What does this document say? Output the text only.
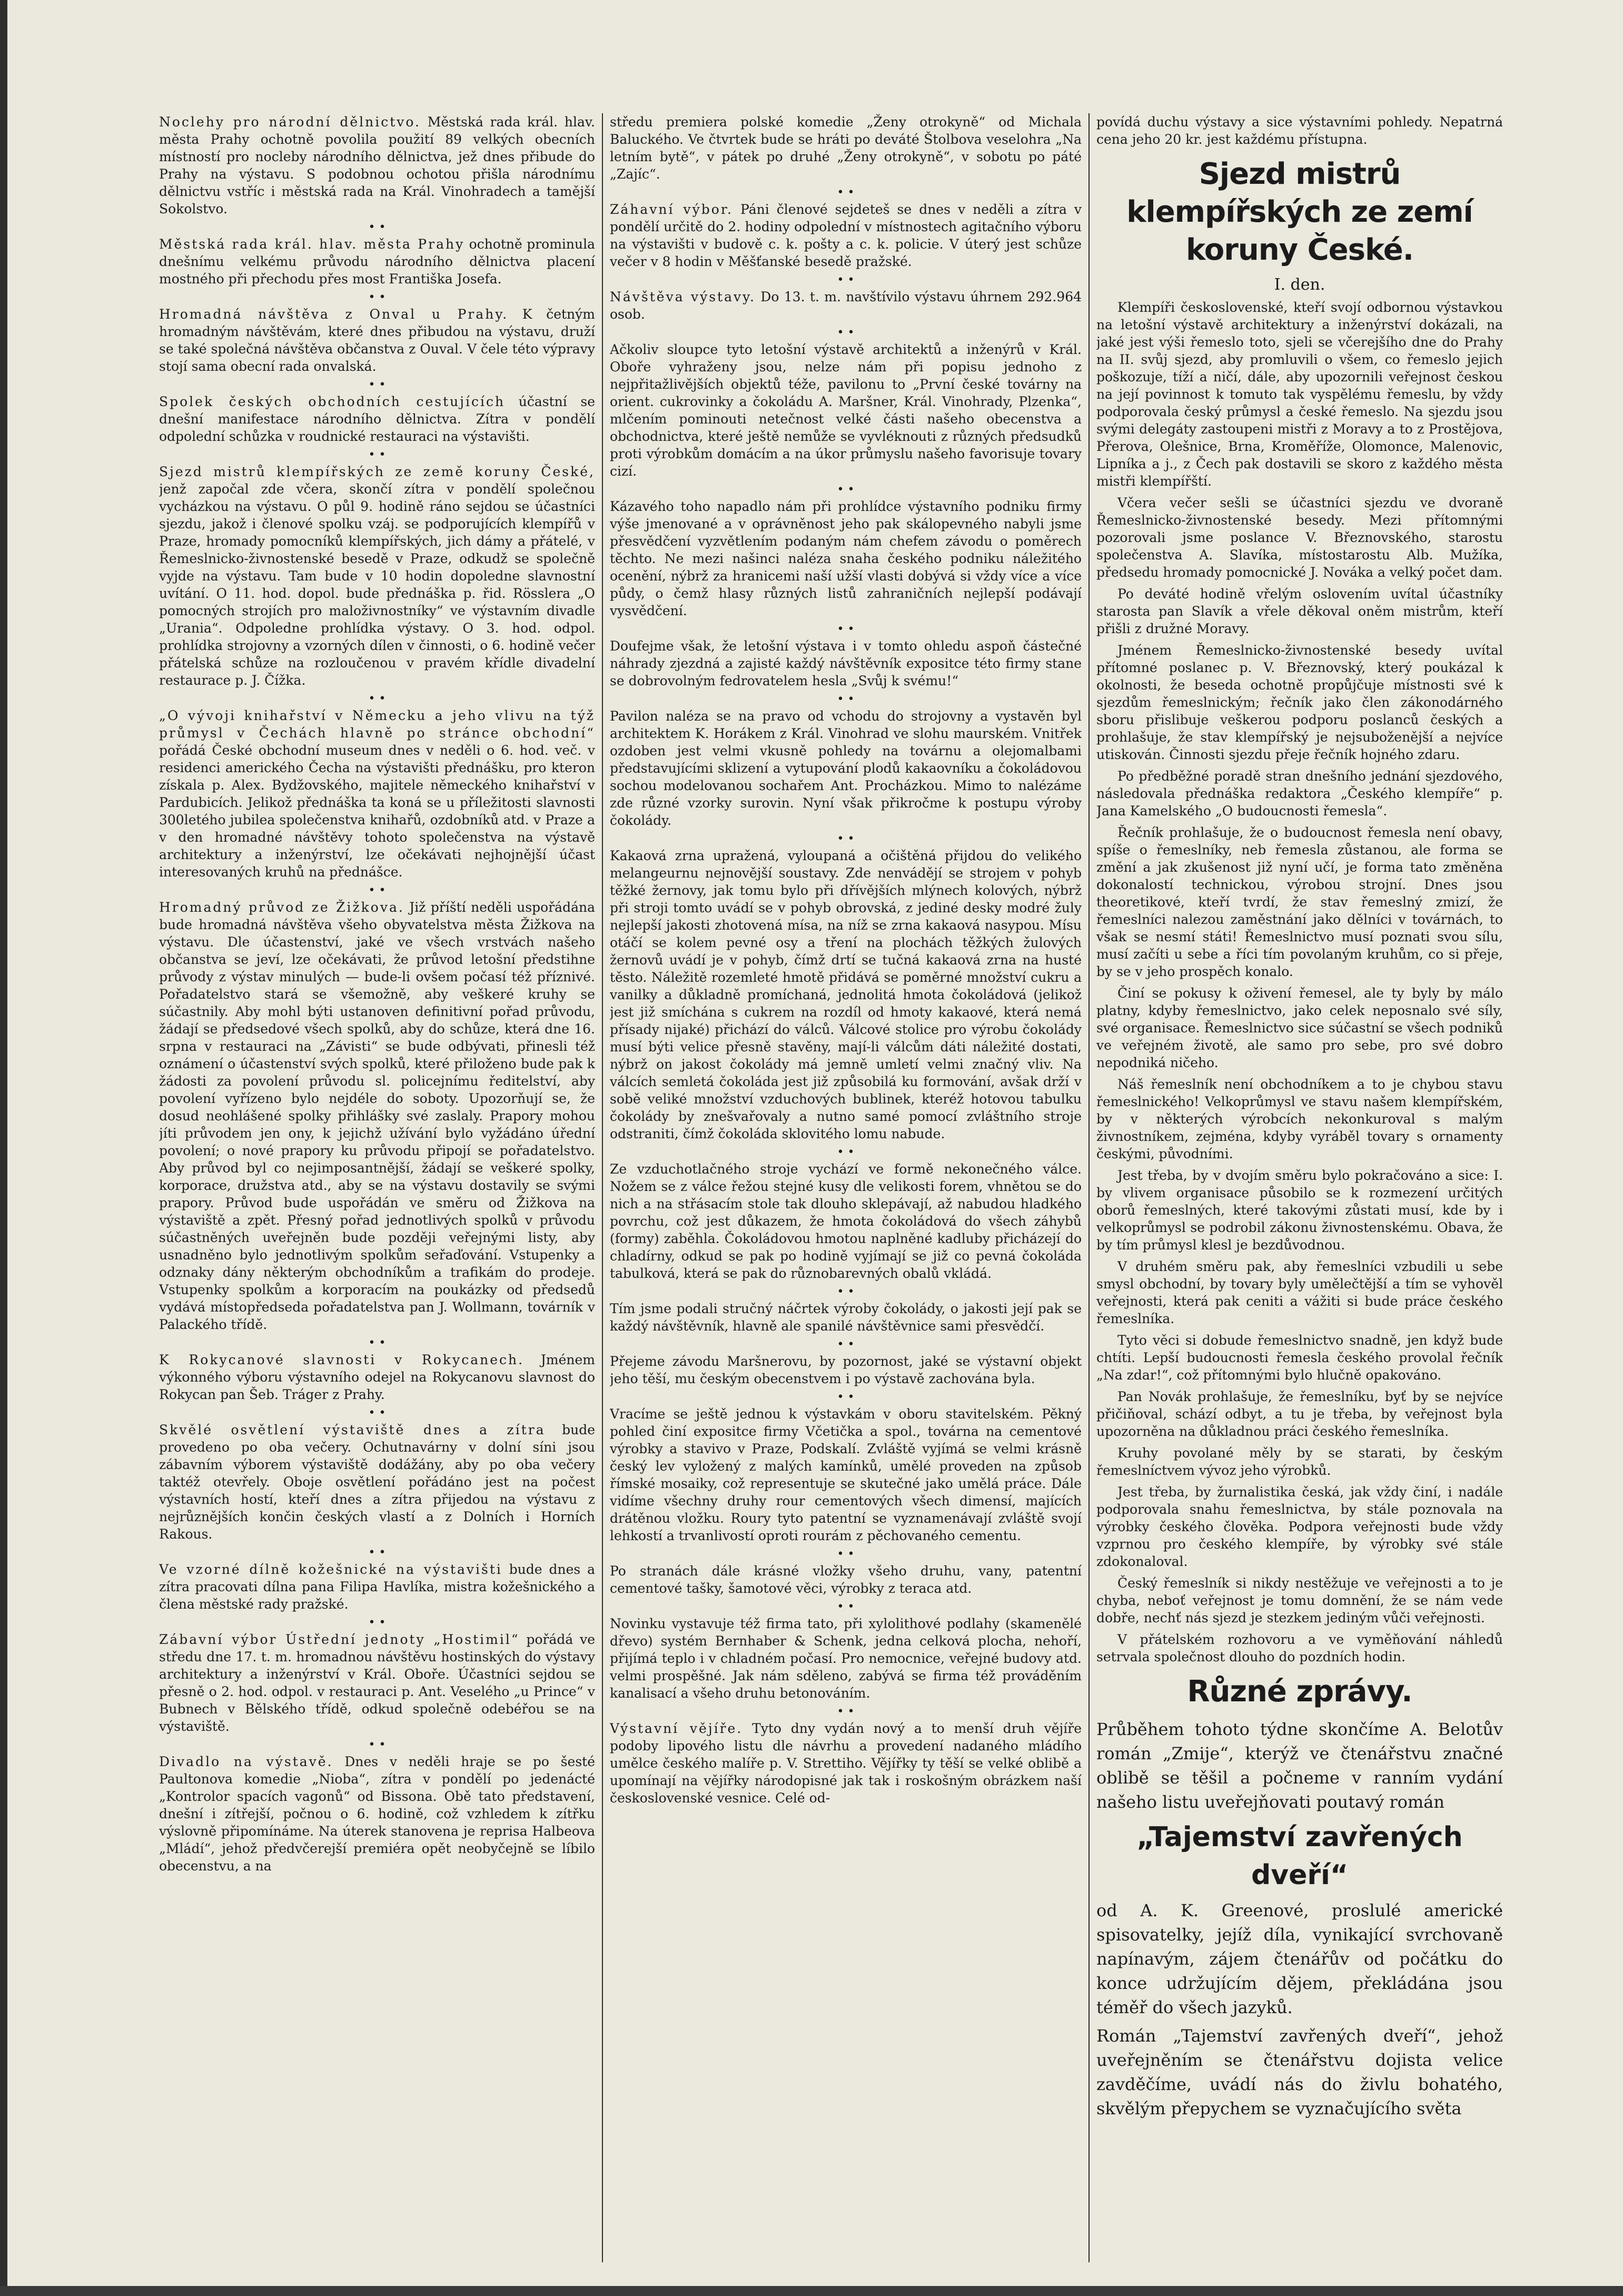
Noclehy pro národní dělnictvo. Městská rada král. hlav. města Prahy ochotně povolila použití 89 velkých obecních místností pro nocleby národního dělnictva, jež dnes přibude do Prahy na výstavu. S podobnou ochotou přišla národnímu dělnictvu vstříc i městská rada na Král. Vinohradech a tamější Sokolstvo.

• •

Městská rada král. hlav. města Prahy ochotně prominula dnešnímu velkému průvodu národního dělnictva placení mostného při přechodu přes most Františka Josefa.

• •

Hromadná návštěva z Onval u Prahy. K četným hromadným návštěvám, které dnes přibudou na výstavu, druží se také společná návštěva občanstva z Ouval. V čele této výpravy stojí sama obecní rada onvalská.

• •

Spolek českých obchodních cestujících účastní se dnešní manifestace národního dělnictva. Zítra v pondělí odpolední schůzka v roudnické restauraci na výstavišti.

• •

Sjezd mistrů klempířských ze země koruny České, jenž započal zde včera, skončí zítra v pondělí společnou vycházkou na výstavu. O půl 9. hodině ráno sejdou se účastníci sjezdu, jakož i členové spolku vzáj. se podporujících klempířů v Praze, hromady pomocníků klempířských, jich dámy a přátelé, v Řemeslnicko-živnostenské besedě v Praze, odkudž se společně vyjde na výstavu. Tam bude v 10 hodin dopoledne slavnostní uvítání. O 11. hod. dopol. bude přednáška p. řid. Rösslera „O pomocných strojích pro maloživnostníky“ ve výstavním divadle „Urania“. Odpoledne prohlídka výstavy. O 3. hod. odpol. prohlídka strojovny a vzorných dílen v činnosti, o 6. hodině večer přátelská schůze na rozloučenou v pravém křídle divadelní restaurace p. J. Čížka.

• •

„O vývoji knihařství v Německu a jeho vlivu na týž průmysl v Čechách hlavně po stránce obchodní“ pořádá České obchodní museum dnes v neděli o 6. hod. več. v residenci amerického Čecha na výstavišti přednášku, pro kteron získala p. Alex. Bydžovského, majitele německého knihařství v Pardubicích. Jelikož přednáška ta koná se u příležitosti slavnosti 300letého jubilea společenstva knihařů, ozdobníků atd. v Praze a v den hromadné návštěvy tohoto společenstva na výstavě architektury a inženýrství, lze očekávati nejhojnější účast interesovaných kruhů na přednášce.

• •

Hromadný průvod ze Žižkova. Již příští neděli uspořádána bude hromadná návštěva všeho obyvatelstva města Žižkova na výstavu. Dle účastenství, jaké ve všech vrstvách našeho občanstva se jeví, lze očekávati, že průvod letošní předstihne průvody z výstav minulých — bude-li ovšem počasí též příznivé. Pořadatelstvo stará se všemožně, aby veškeré kruhy se súčastnily. Aby mohl býti ustanoven definitivní pořad průvodu, žádají se předsedové všech spolků, aby do schůze, která dne 16. srpna v restauraci na „Závisti“ se bude odbývati, přinesli též oznámení o účastenství svých spolků, které přiloženo bude pak k žádosti za povolení průvodu sl. policejnímu ředitelství, aby povolení vyřízeno bylo nejdéle do soboty. Upozorňují se, že dosud neohlášené spolky přihlášky své zaslaly. Prapory mohou jíti průvodem jen ony, k jejichž užívání bylo vyžádáno úřední povolení; o nové prapory ku průvodu připojí se pořadatelstvo. Aby průvod byl co nejimposantnější, žádají se veškeré spolky, korporace, družstva atd., aby se na výstavu dostavily se svými prapory. Průvod bude uspořádán ve směru od Žižkova na výstaviště a zpět. Přesný pořad jednotlivých spolků v průvodu súčastněných uveřejněn bude později veřejnými listy, aby usnadněno bylo jednotlivým spolkům seřaďování. Vstupenky a odznaky dány některým obchodníkům a trafikám do prodeje. Vstupenky spolkům a korporacím na poukázky od předsedů vydává místopředseda pořadatelstva pan J. Wollmann, továrník v Palackého třídě.

• •

K Rokycanové slavnosti v Rokycanech. Jménem výkonného výboru výstavního odejel na Rokycanovu slavnost do Rokycan pan Šeb. Tráger z Prahy.

• •

Skvělé osvětlení výstaviště dnes a zítra bude provedeno po oba večery. Ochutnavárny v dolní síni jsou zábavním výborem výstaviště dodážány, aby po oba večery taktéž otevřely. Oboje osvětlení pořádáno jest na počest výstavních hostí, kteří dnes a zítra přijedou na výstavu z nejrůznějších končin českých vlastí a z Dolních i Horních Rakous.

• •

Ve vzorné dílně kožešnické na výstavišti bude dnes a zítra pracovati dílna pana Filipa Havlíka, mistra kožešnického a člena městské rady pražské.

• •

Zábavní výbor Ústřední jednoty „Hostimil“ pořádá ve středu dne 17. t. m. hromadnou návštěvu hostinských do výstavy architektury a inženýrství v Král. Oboře. Účastníci sejdou se přesně o 2. hod. odpol. v restauraci p. Ant. Veselého „u Prince“ v Bubnech v Bělského třídě, odkud společně odebéřou se na výstaviště.

• •

Divadlo na výstavě. Dnes v neděli hraje se po šesté Paultonova komedie „Nioba“, zítra v pondělí po jedenácté „Kontrolor spacích vagonů“ od Bissona. Obě tato představení, dnešní i zítřejší, počnou o 6. hodině, což vzhledem k zítřku výslovně připomínáme. Na úterek stanovena je reprisa Halbeova „Mládí“, jehož předvčerejší premiéra opět neobyčejně se líbilo obecenstvu, a na

středu premiera polské komedie „Ženy otrokyně“ od Michala Baluckého. Ve čtvrtek bude se hráti po deváté Štolbova veselohra „Na letním bytě“, v pátek po druhé „Ženy otrokyně“, v sobotu po páté „Zajíc“.

• •

Záhavní výbor. Páni členové sejdeteš se dnes v neděli a zítra v pondělí určitě do 2. hodiny odpolední v místnostech agitačního výboru na výstavišti v budově c. k. pošty a c. k. policie. V úterý jest schůze večer v 8 hodin v Měšťanské besedě pražské.

• •

Návštěva výstavy. Do 13. t. m. navštívilo výstavu úhrnem 292.964 osob.

• •

Ačkoliv sloupce tyto letošní výstavě architektů a inženýrů v Král. Oboře vyhraženy jsou, nelze nám při popisu jednoho z nejpřitažlivějších objektů téže, pavilonu to „První české továrny na orient. cukrovinky a čokoládu A. Maršner, Král. Vinohrady, Plzenka“, mlčením pominouti netečnost velké části našeho obecenstva a obchodnictva, které ještě nemůže se vyvléknouti z různých předsudků proti výrobkům domácím a na úkor průmyslu našeho favorisuje tovary cizí.

• •

Kázavého toho napadlo nám při prohlídce výstavního podniku firmy výše jmenované a v oprávněnost jeho pak skálopevného nabyli jsme přesvědčení vyzvětlením podaným nám chefem závodu o poměrech těchto. Ne mezi našinci naléza snaha českého podniku náležitého ocenění, nýbrž za hranicemi naší užší vlasti dobývá si vždy více a více půdy, o čemž hlasy různých listů zahraničních nejlepší podávají vysvědčení.

• •

Doufejme však, že letošní výstava i v tomto ohledu aspoň částečné náhrady zjezdná a zajisté každý návštěvník expositce této firmy stane se dobrovolným fedrovatelem hesla „Svůj k svému!“

• •

Pavilon naléza se na pravo od vchodu do strojovny a vystavěn byl architektem K. Horákem z Král. Vinohrad ve slohu maurském. Vnitřek ozdoben jest velmi vkusně pohledy na továrnu a olejomalbami představujícími sklizení a vytupování plodů kakaovníku a čokoládovou sochou modelovanou sochařem Ant. Procházkou. Mimo to nalézáme zde různé vzorky surovin. Nyní však přikročme k postupu výroby čokolády.

• •

Kakaová zrna upražená, vyloupaná a očištěná přijdou do velikého melangeurnu nejnovější soustavy. Zde nenvádějí se strojem v pohyb těžké žernovy, jak tomu bylo při dřívějších mlýnech kolových, nýbrž při stroji tomto uvádí se v pohyb obrovská, z jediné desky modré žuly nejlepší jakosti zhotovená mísa, na níž se zrna kakaová nasypou. Mísu otáčí se kolem pevné osy a tření na plochách těžkých žulových žernovů uvádí je v pohyb, čímž drtí se tučná kakaová zrna na husté těsto. Náležitě rozemleté hmotě přidává se poměrné množství cukru a vanilky a důkladně promíchaná, jednolitá hmota čokoládová (jelikož jest již smíchána s cukrem na rozdíl od hmoty kakaové, která nemá přísady nijaké) přichází do válců. Válcové stolice pro výrobu čokolády musí býti velice přesně stavěny, mají-li válcům dáti náležité dostati, nýbrž on jakost čokolády má jemně umletí velmi značný vliv. Na válcích semletá čokoláda jest již způsobilá ku formování, avšak drží v sobě veliké množství vzduchových bublinek, kteréž hotovou tabulku čokolády by znešvařovaly a nutno samé pomocí zvláštního stroje odstraniti, čímž čokoláda sklovitého lomu nabude.

• •

Ze vzduchotlačného stroje vychází ve formě nekonečného válce. Nožem se z válce řežou stejné kusy dle velikosti forem, vhnětou se do nich a na střásacím stole tak dlouho sklepávají, až nabudou hladkého povrchu, což jest důkazem, že hmota čokoládová do všech záhybů (formy) zaběhla. Čokoládovou hmotou naplněné kadluby přicházejí do chladírny, odkud se pak po hodině vyjímají se již co pevná čokoláda tabulková, která se pak do různobarevných obalů vkládá.

• •

Tím jsme podali stručný náčrtek výroby čokolády, o jakosti její pak se každý návštěvník, hlavně ale spanilé návštěvnice sami přesvědčí.

• •

Přejeme závodu Maršnerovu, by pozornost, jaké se výstavní objekt jeho těší, mu českým obecenstvem i po výstavě zachována byla.

• •

Vracíme se ještě jednou k výstavkám v oboru stavitelském. Pěkný pohled činí expositce firmy Včetička a spol., továrna na cementové výrobky a stavivo v Praze, Podskalí. Zvláště vyjímá se velmi krásně český lev vyložený z malých kamínků, umělé proveden na způsob římské mosaiky, což representuje se skutečné jako umělá práce. Dále vidíme všechny druhy rour cementových všech dimensí, majících drátěnou vložku. Roury tyto patentní se vyznamenávají zvláště svojí lehkostí a trvanlivostí oproti rourám z pěchovaného cementu.

• •

Po stranách dále krásné vložky všeho druhu, vany, patentní cementové tašky, šamotové věci, výrobky z teraca atd.

• •

Novinku vystavuje též firma tato, při xylolithové podlahy (skamenělé dřevo) systém Bernhaber & Schenk, jedna celková plocha, nehoří, přijímá teplo i v chladném počasí. Pro nemocnice, veřejné budovy atd. velmi prospěšné. Jak nám sděleno, zabývá se firma též prováděním kanalisací a všeho druhu betonováním.

• •

Výstavní vějíře. Tyto dny vydán nový a to menší druh vějíře podoby lipového listu dle návrhu a provedení nadaného mládího umělce českého malíře p. V. Strettiho. Vějířky ty těší se velké oblibě a upomínají na vějířky národopisné jak tak i roskošným obrázkem naší československé vesnice. Celé od-

povídá duchu výstavy a sice výstavními pohledy. Nepatrná cena jeho 20 kr. jest každému přístupna.

Sjezd mistrů klempířských ze zemí koruny České.
I. den.

Klempíři československé, kteří svojí odbornou výstavkou na letošní výstavě architektury a inženýrství dokázali, na jaké jest výši řemeslo toto, sjeli se včerejšího dne do Prahy na II. svůj sjezd, aby promluvili o všem, co řemeslo jejich poškozuje, tíží a ničí, dále, aby upozornili veřejnost českou na její povinnost k tomuto tak vyspělému řemeslu, by vždy podporovala český průmysl a české řemeslo. Na sjezdu jsou svými delegáty zastoupeni mistři z Moravy a to z Prostějova, Přerova, Olešnice, Brna, Kroměříže, Olomonce, Malenovic, Lipníka a j., z Čech pak dostavili se skoro z každého města mistři klempířští.

Včera večer sešli se účastníci sjezdu ve dvoraně Řemeslnicko-živnostenské besedy. Mezi přítomnými pozorovali jsme poslance V. Březnovského, starostu společenstva A. Slavíka, místostarostu Alb. Mužíka, předsedu hromady pomocnické J. Nováka a velký počet dam.

Po deváté hodině vřelým oslovením uvítal účastníky starosta pan Slavík a vřele děkoval oněm mistrům, kteří přišli z družné Moravy.

Jménem Řemeslnicko-živnostenské besedy uvítal přítomné poslanec p. V. Březnovský, který poukázal k okolnosti, že beseda ochotně propůjčuje místnosti své k sjezdům řemeslnickým; řečník jako člen zákonodárného sboru přislibuje veškerou podporu poslanců českých a prohlašuje, že stav klempířský je nejsuboženější a nejvíce utiskován. Činnosti sjezdu přeje řečník hojného zdaru.

Po předběžné poradě stran dnešního jednání sjezdového, následovala přednáška redaktora „Českého klempíře“ p. Jana Kamelského „O budoucnosti řemesla“.

Řečník prohlašuje, že o budoucnost řemesla není obavy, spíše o řemeslníky, neb řemesla zůstanou, ale forma se změní a jak zkušenost již nyní učí, je forma tato změněna dokonalostí technickou, výrobou strojní. Dnes jsou theoretikové, kteří tvrdí, že stav řemeslný zmizí, že řemeslníci nalezou zaměstnání jako dělníci v továrnách, to však se nesmí státi! Řemeslnictvo musí poznati svou sílu, musí začíti u sebe a říci tím povolaným kruhům, co si přeje, by se v jeho prospěch konalo.

Činí se pokusy k oživení řemesel, ale ty byly by málo platny, kdyby řemeslnictvo, jako celek neposnalo své síly, své organisace. Řemeslnictvo sice súčastní se všech podniků ve veřejném životě, ale samo pro sebe, pro své dobro nepodniká ničeho.

Náš řemeslník není obchodníkem a to je chybou stavu řemeslnického! Velkoprůmysl ve stavu našem klempířském, by v některých výrobcích nekonkuroval s malým živnostníkem, zejména, kdyby vyráběl tovary s ornamenty českými, původními.

Jest třeba, by v dvojím směru bylo pokračováno a sice: I. by vlivem organisace působilo se k rozmezení určitých oborů řemeslných, které takovými zůstati musí, kde by i velkoprůmysl se podrobil zákonu živnostenskému. Obava, že by tím průmysl klesl je bezdůvodnou.

V druhém směru pak, aby řemeslníci vzbudili u sebe smysl obchodní, by tovary byly umělečtější a tím se vyhověl veřejnosti, která pak ceniti a vážiti si bude práce českého řemeslníka.

Tyto věci si dobude řemeslnictvo snadně, jen když bude chtíti. Lepší budoucnosti řemesla českého provolal řečník „Na zdar!“, což přítomnými bylo hlučně opakováno.

Pan Novák prohlašuje, že řemeslníku, byť by se nejvíce přičiňoval, schází odbyt, a tu je třeba, by veřejnost byla upozorněna na důkladnou práci českého řemeslníka.

Kruhy povolané měly by se starati, by českým řemeslníctvem vývoz jeho výrobků.

Jest třeba, by žurnalistika česká, jak vždy činí, i nadále podporovala snahu řemeslnictva, by stále poznovala na výrobky českého člověka. Podpora veřejnosti bude vždy vzprnou pro českého klempíře, by výrobky své stále zdokonaloval.

Český řemeslník si nikdy nestěžuje ve veřejnosti a to je chyba, neboť veřejnost je tomu domnění, že se nám vede dobře, nechť nás sjezd je stezkem jediným vůči veřejnosti.

V přátelském rozhovoru a ve vyměňování náhledů setrvala společnost dlouho do pozdních hodin.

Různé zprávy.

Průběhem tohoto týdne skončíme A. Belotův román „Zmije“, kterýž ve čtenářstvu značné oblibě se těšil a počneme v ranním vydání našeho listu uveřejňovati poutavý román

„Tajemství zavřených dveří“

od A. K. Greenové, proslulé americké spisovatelky, jejíž díla, vynikající svrchovaně napínavým, zájem čtenářův od počátku do konce udržujícím dějem, překládána jsou téměř do všech jazyků.

Román „Tajemství zavřených dveří“, jehož uveřejněním se čtenářstvu dojista velice zavděčíme, uvádí nás do živlu bohatého, skvělým přepychem se vyznačujícího světa
